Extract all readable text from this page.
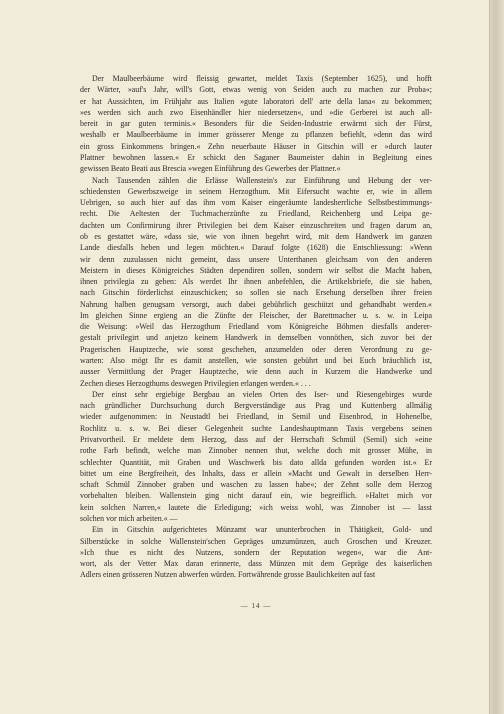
Der Maulbeerbäume wird fleissig gewartet, meldet Taxis (September 1625), und hofft
der Wärter, »auf's Jahr, will's Gott, etwas wenig von Seiden auch zu machen zur Proba«;
er hat Aussichten, im Frühjahr aus Italien »gute laboratori dell' arte della lana« zu bekommen;
»es werden sich auch zwo Eisenhändler hier niedersetzen«, und »die Gerberei ist auch all-
bereit in gar guten terminis.« Besonders für die Seiden-Industrie erwärmt sich der Fürst,
weshalb er Maulbeerbäume in immer grösserer Menge zu pflanzen befiehlt, »denn das wird
ein gross Einkommens bringen.« Zehn neuerbaute Häuser in Gitschin will er »durch lauter
Plattner bewohnen lassen.« Er schickt den Saganer Baumeister dahin in Begleitung eines
gewissen Beato Beati aus Brescia »wegen Einführung des Gewerbes der Plattner.«
Nach Tausenden zählen die Erlässe Wallenstein's zur Einführung und Hebung der ver-
schiedensten Gewerbszweige in seinem Herzogthum. Mit Eifersucht wachte er, wie in allem
Uebrigen, so auch hier auf das ihm vom Kaiser eingeräumte landesherrliche Selbstbestimmungs-
recht. Die Aeltesten der Tuchmacherzünfte zu Friedland, Reichenberg und Leipa ge-
dachten um Confirmirung ihrer Privilegien bei dem Kaiser einzuschreiten und fragen darum an,
ob es gestattet wäre, »dass sie, wie von ihnen begehrt wird, mit dem Handwerk im ganzen
Lande diesfalls heben und legen möchten.« Darauf folgte (1628) die Entschliessung: »Wenn
wir denn zuzulassen nicht gemeint, dass unsere Unterthanen gleichsam von den anderen
Meistern in dieses Königreiches Städten dependiren sollen, sondern wir selbst die Macht haben,
ihnen privilegia zu geben: Als werdet Ihr ihnen anbefehlen, die Artikelsbriefe, die sie haben,
nach Gitschin förderlichst einzuschicken; so sollen sie nach Ersehung derselben ihrer freien
Nahrung halben genugsam versorgt, auch dabei gebührlich geschützt und gehandhabt werden.«
Im gleichen Sinne ergieng an die Zünfte der Fleischer, der Barettmacher u. s. w. in Leipa
die Weisung: »Weil das Herzogthum Friedland vom Königreiche Böhmen diesfalls anderer-
gestalt privilegirt und anjetzo keinem Handwerk in demselben vonnöthen, sich zuvor bei der
Pragerischen Hauptzeche, wie sonst geschehen, anzumelden oder deren Verordnung zu ge-
warten: Also mögt Ihr es damit anstellen, wie sonsten gebührt und bei Euch bräuchlich ist,
ausser Vermittlung der Prager Hauptzeche, wie denn auch in Kurzem die Handwerke und
Zechen dieses Herzogthums deswegen Privilegien erlangen werden.« . . .
Der einst sehr ergiebige Bergbau an vielen Orten des Iser- und Riesengebirges wurde
nach gründlicher Durchsuchung durch Bergverständige aus Prag und Kuttenberg allmälig
wieder aufgenommen: in Neustadtl bei Friedland, in Semil und Eisenbrod, in Hohenelbe,
Rochlitz u. s. w. Bei dieser Gelegenheit suchte Landeshauptmann Taxis vergebens seinen
Privatvortheil. Er meldete dem Herzog, dass auf der Herrschaft Schmül (Semil) sich »eine
rothe Farb befindt, welche man Zinnober nennen thut, welche doch mit grosser Mühe, in
schlechter Quantität, mit Graben und Waschwerk bis dato allda gefunden worden ist.« Er
bittet um eine Bergfreiheit, des Inhalts, dass er allein »Macht und Gewalt in derselben Herr-
schaft Schmül Zinnober graben und waschen zu lassen habe«; der Zehnt solle dem Herzog
vorbehalten bleiben. Wallenstein ging nicht darauf ein, wie begreiflich. »Haltet mich vor
kein solchen Narren,« lautete die Erledigung; »ich weiss wohl, was Zinnober ist — lasst
solchen vor mich arbeiten.« —
Ein in Gitschin aufgerichtetes Münzamt war ununterbrochen in Thätigkeit, Gold- und
Silberstücke in solche Wallenstein'schen Gepräges umzumünzen, auch Groschen und Kreuzer.
»Ich thue es nicht des Nutzens, sondern der Reputation wegen«, war die Ant-
wort, als der Vetter Max daran erinnerte, dass Münzen mit dem Gepräge des kaiserlichen
Adlers einen grösseren Nutzen abwerfen würden. Fortwährende grosse Baulichkeiten auf fast
— 14 —
